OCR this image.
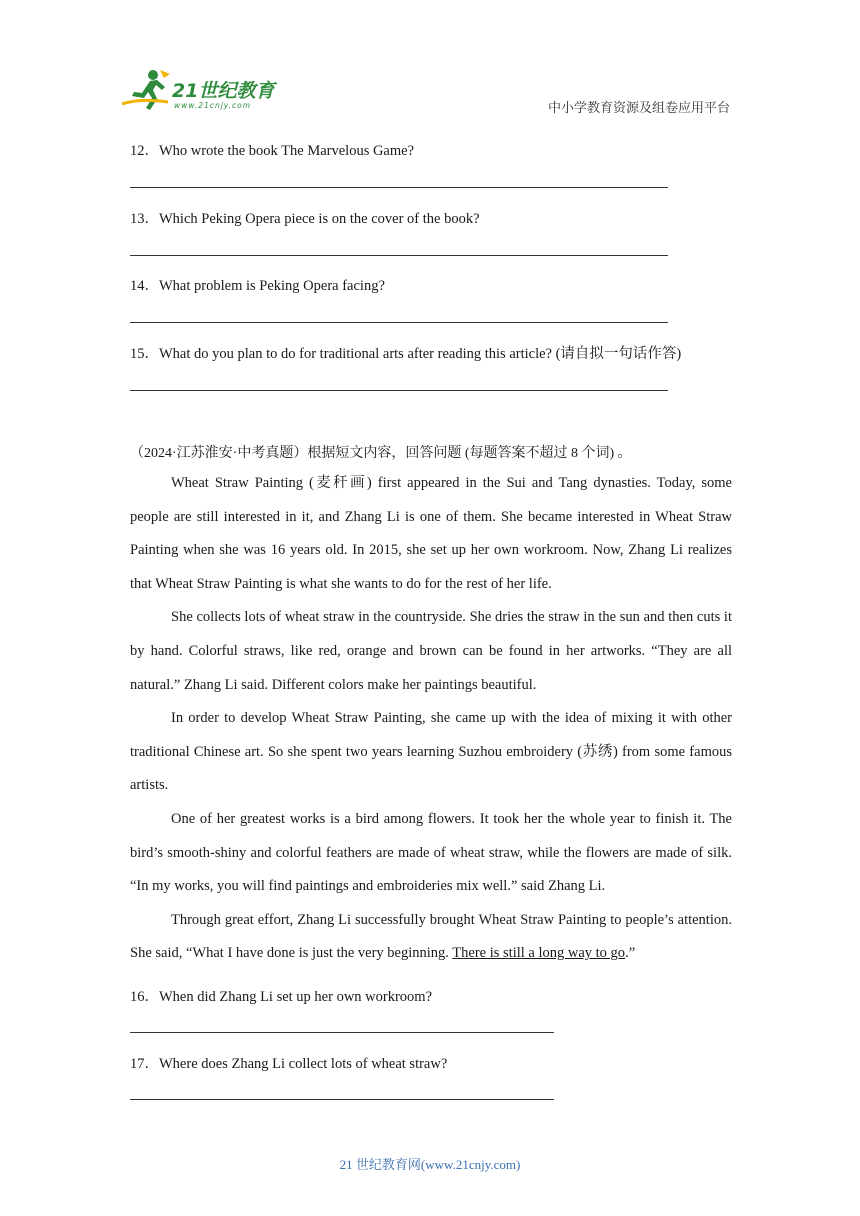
21世纪教育
www.21cnjy.com	中小学教育资源及组卷应用平台
12．Who wrote the book The Marvelous Game?
13．Which Peking Opera piece is on the cover of the book?
14．What problem is Peking Opera facing?
15．What do you plan to do for traditional arts after reading this article? (请自拟一句话作答)
（2024·江苏淮安·中考真题）根据短文内容，回答问题 (每题答案不超过 8 个词) 。

Wheat Straw Painting (麦秆画) first appeared in the Sui and Tang dynasties. Today, some people are still interested in it, and Zhang Li is one of them. She became interested in Wheat Straw Painting when she was 16 years old. In 2015, she set up her own workroom. Now, Zhang Li realizes that Wheat Straw Painting is what she wants to do for the rest of her life.

She collects lots of wheat straw in the countryside. She dries the straw in the sun and then cuts it by hand. Colorful straws, like red, orange and brown can be found in her artworks. “They are all natural.” Zhang Li said. Different colors make her paintings beautiful.

In order to develop Wheat Straw Painting, she came up with the idea of mixing it with other traditional Chinese art. So she spent two years learning Suzhou embroidery (苏绣) from some famous artists.

One of her greatest works is a bird among flowers. It took her the whole year to finish it. The bird’s smooth-shiny and colorful feathers are made of wheat straw, while the flowers are made of silk. “In my works, you will find paintings and embroideries mix well.” said Zhang Li.

Through great effort, Zhang Li successfully brought Wheat Straw Painting to people’s attention. She said, “What I have done is just the very beginning. There is still a long way to go.”

16．When did Zhang Li set up her own workroom?
17．Where does Zhang Li collect lots of wheat straw?
21 世纪教育网(www.21cnjy.com)
